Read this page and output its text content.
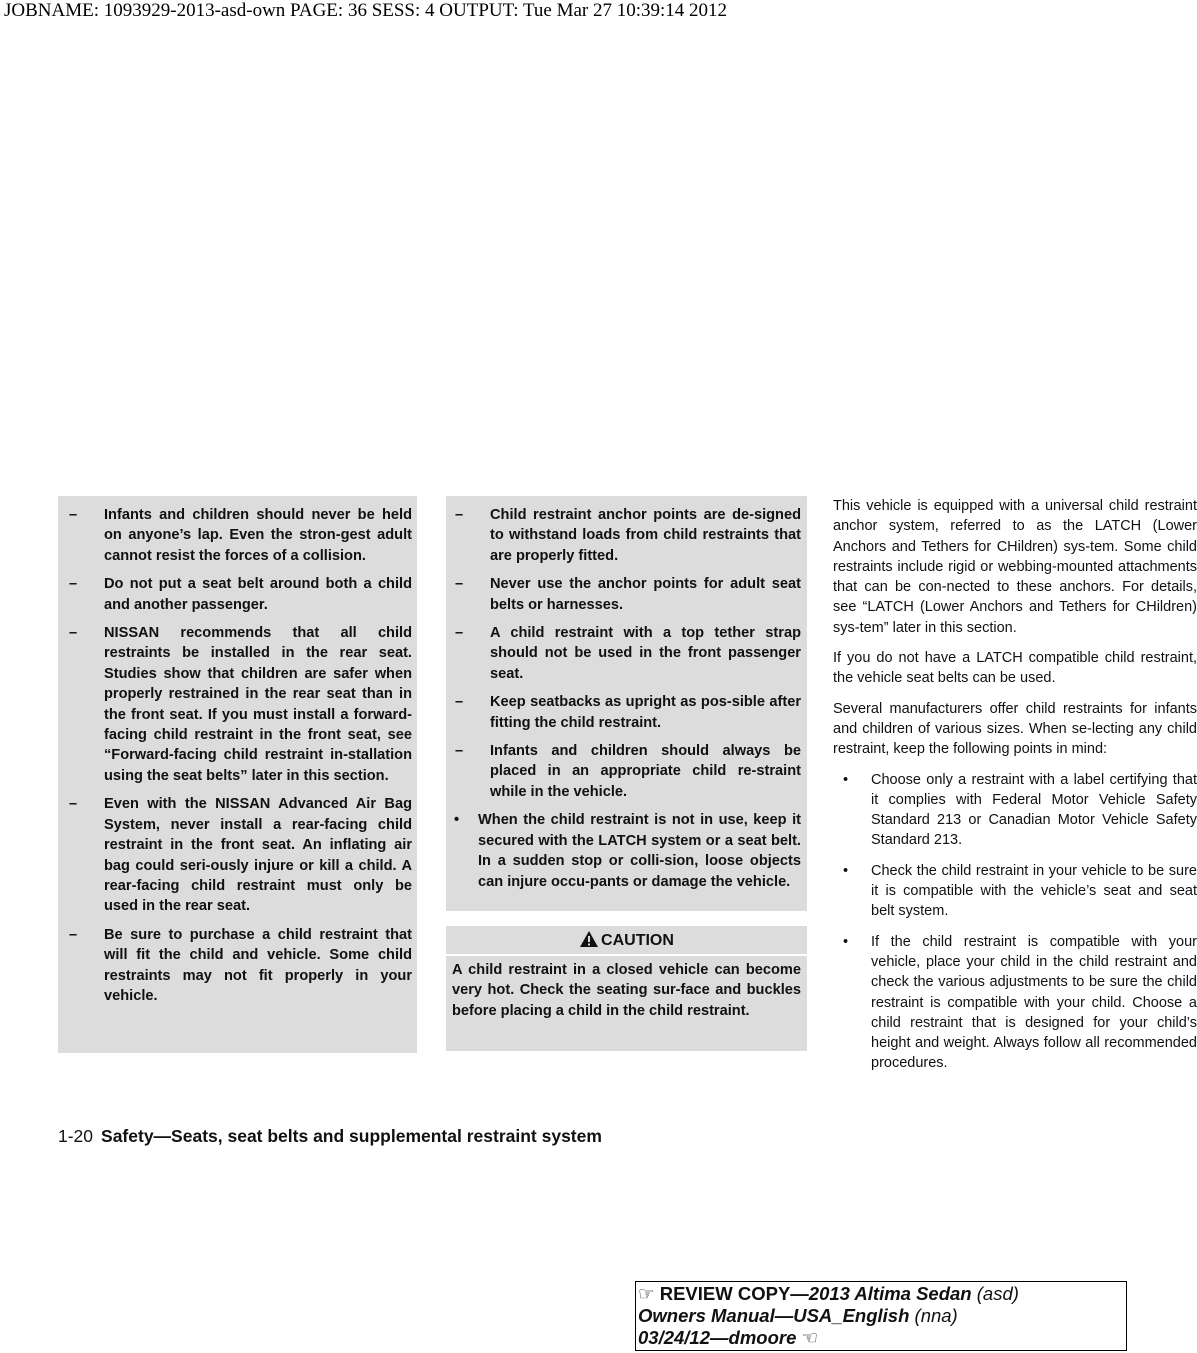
JOBNAME: 1093929-2013-asd-own PAGE: 36 SESS: 4 OUTPUT: Tue Mar 27 10:39:14 2012
–	Infants and children should never be held on anyone’s lap. Even the stron-gest adult cannot resist the forces of a collision.
–	Do not put a seat belt around both a child and another passenger.
–	NISSAN recommends that all child restraints be installed in the rear seat. Studies show that children are safer when properly restrained in the rear seat than in the front seat. If you must install a forward-facing child restraint in the front seat, see “Forward-facing child restraint in-stallation using the seat belts” later in this section.
–	Even with the NISSAN Advanced Air Bag System, never install a rear-facing child restraint in the front seat. An inflating air bag could seri-ously injure or kill a child. A rear-facing child restraint must only be used in the rear seat.
–	Be sure to purchase a child restraint that will fit the child and vehicle. Some child restraints may not fit properly in your vehicle.
–	Child restraint anchor points are de-signed to withstand loads from child restraints that are properly fitted.
–	Never use the anchor points for adult seat belts or harnesses.
–	A child restraint with a top tether strap should not be used in the front passenger seat.
–	Keep seatbacks as upright as pos-sible after fitting the child restraint.
–	Infants and children should always be placed in an appropriate child re-straint while in the vehicle.
• When the child restraint is not in use, keep it secured with the LATCH system or a seat belt. In a sudden stop or colli-sion, loose objects can injure occu-pants or damage the vehicle.
CAUTION
A child restraint in a closed vehicle can become very hot. Check the seating sur-face and buckles before placing a child in the child restraint.

This vehicle is equipped with a universal child restraint anchor system, referred to as the LATCH (Lower Anchors and Tethers for CHildren) sys-tem. Some child restraints include rigid or webbing-mounted attachments that can be con-nected to these anchors. For details, see “LATCH (Lower Anchors and Tethers for CHildren) sys-tem” later in this section.

If you do not have a LATCH compatible child restraint, the vehicle seat belts can be used.

Several manufacturers offer child restraints for infants and children of various sizes. When se-lecting any child restraint, keep the following points in mind:

• Choose only a restraint with a label certifying that it complies with Federal Motor Vehicle Safety Standard 213 or Canadian Motor Vehicle Safety Standard 213.
• Check the child restraint in your vehicle to be sure it is compatible with the vehicle’s seat and seat belt system.
• If the child restraint is compatible with your vehicle, place your child in the child restraint and check the various adjustments to be sure the child restraint is compatible with your child. Choose a child restraint that is designed for your child’s height and weight. Always follow all recommended procedures.
1-20 Safety—Seats, seat belts and supplemental restraint system
☞ REVIEW COPY—2013 Altima Sedan (asd)
Owners Manual—USA_English (nna)
03/24/12—dmoore ☜
